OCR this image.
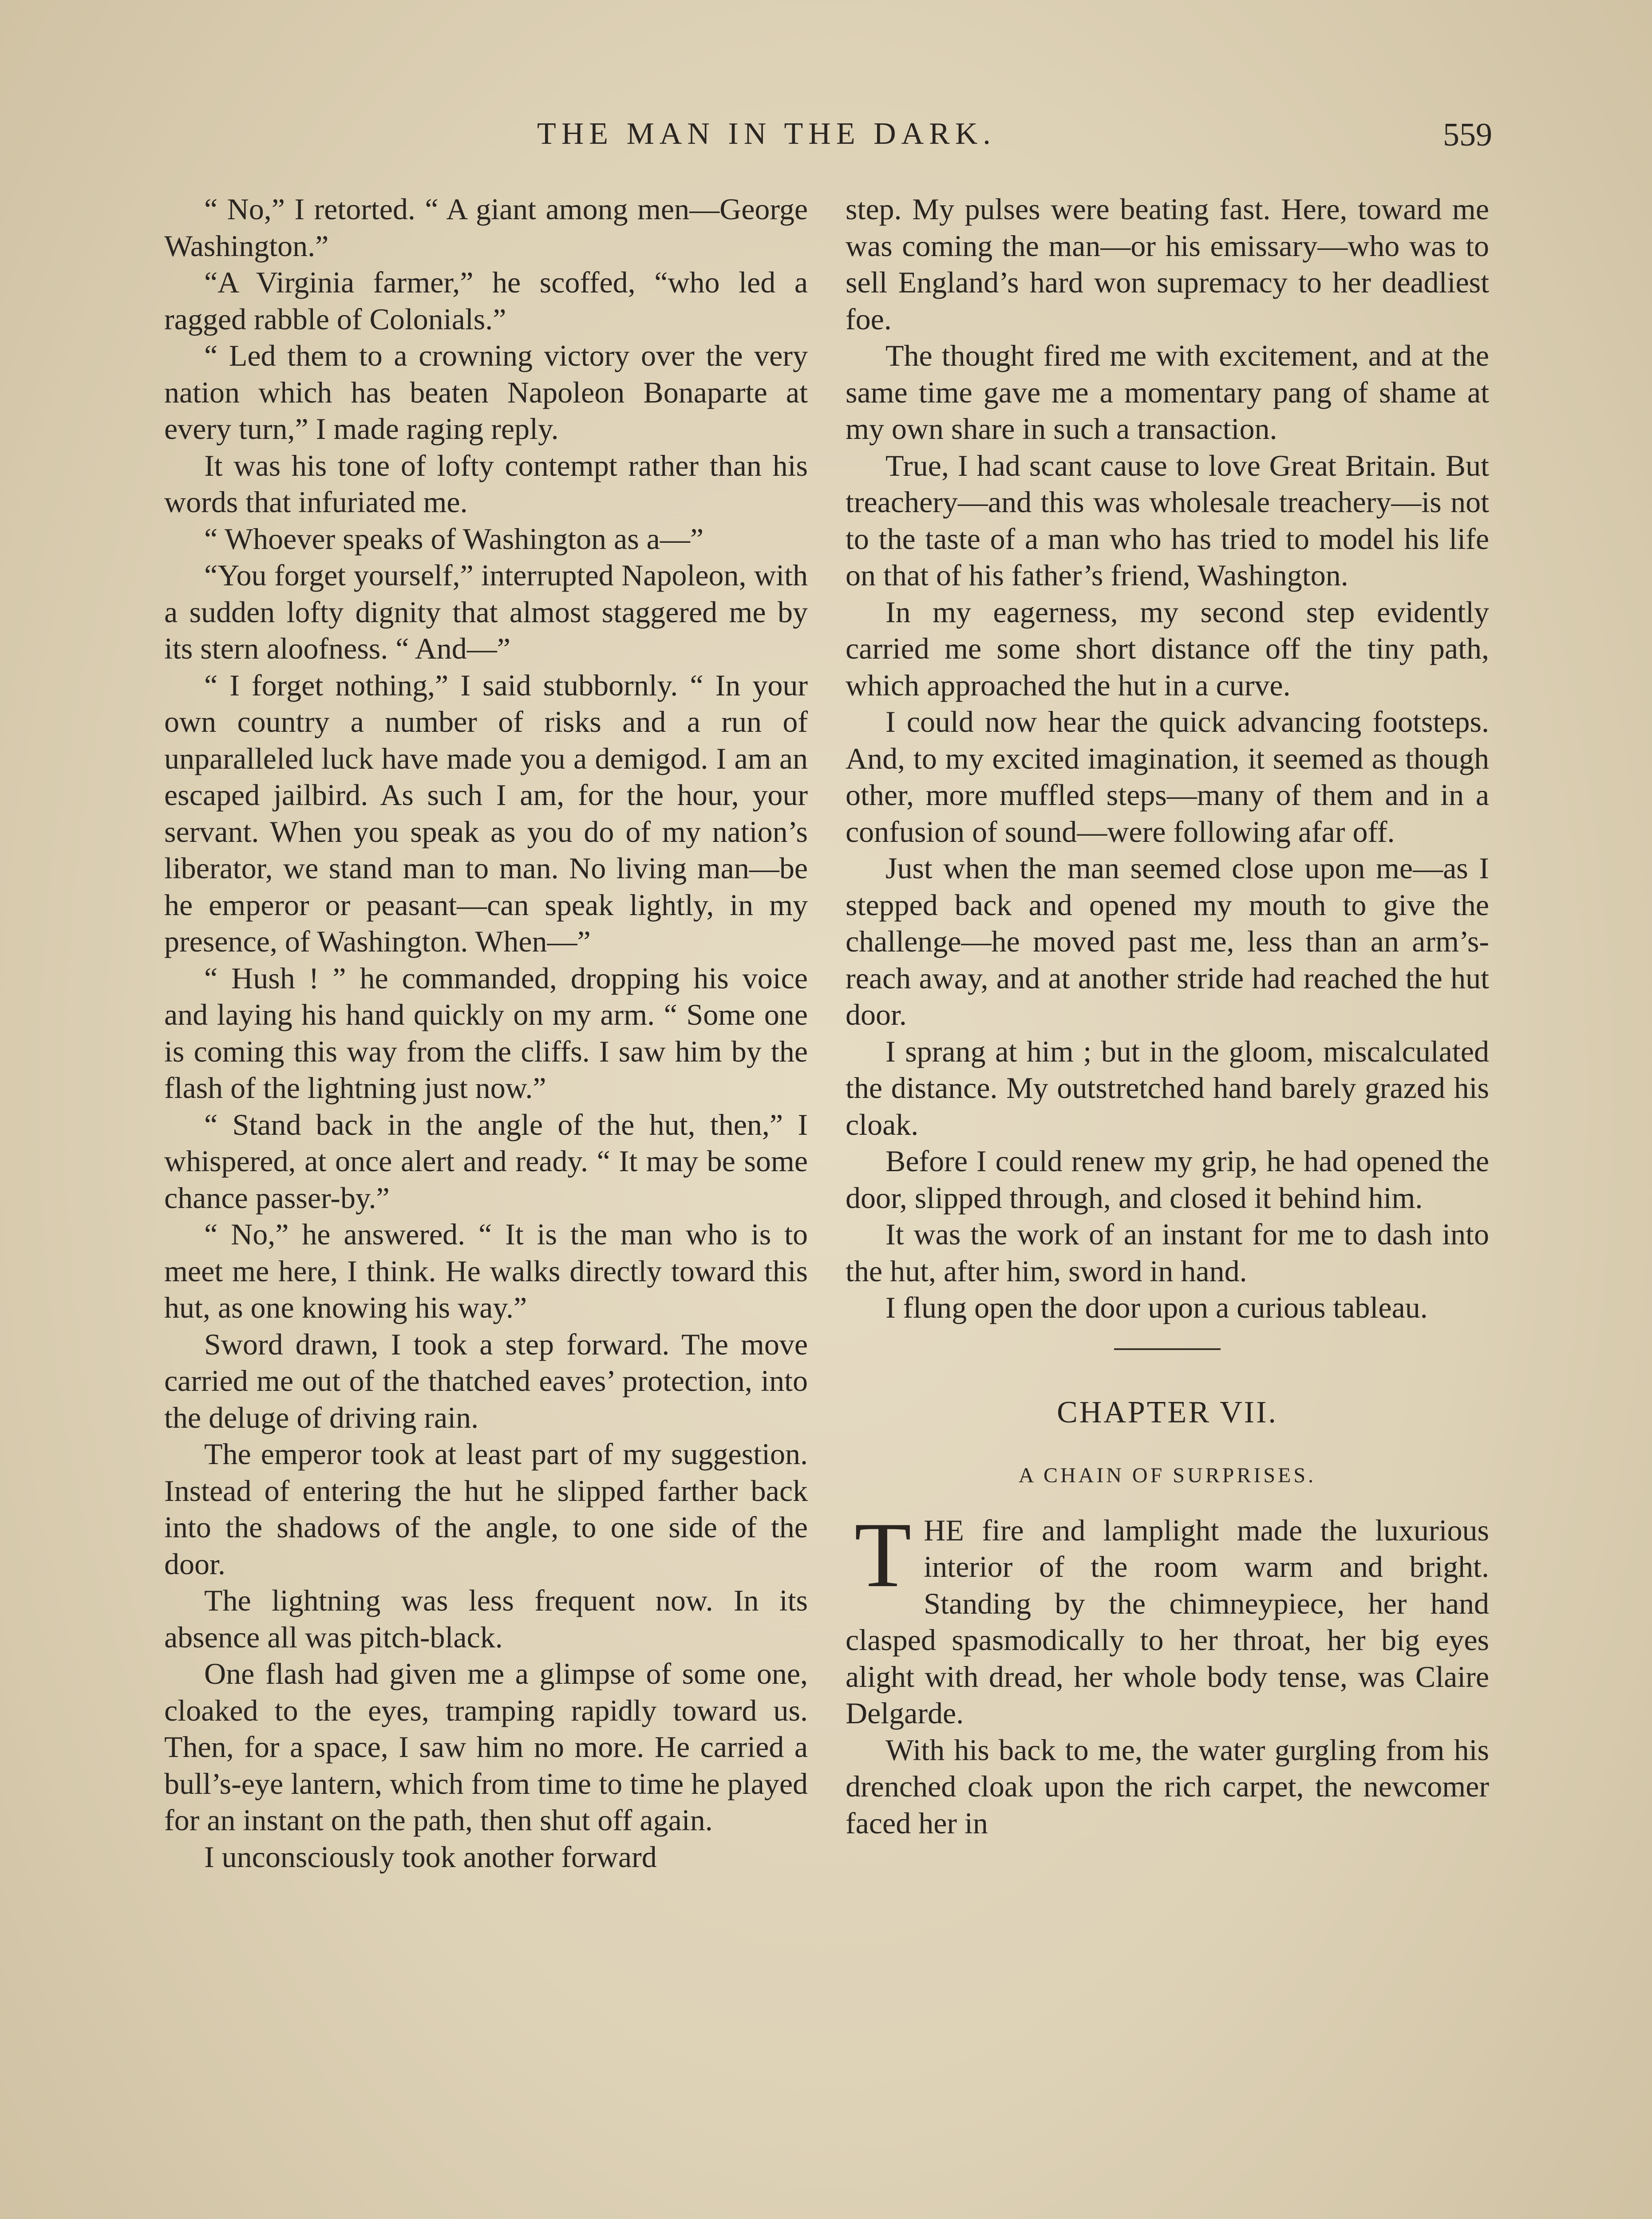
THE MAN IN THE DARK.	559

“ No,” I retorted. “ A giant among men—George Washington.”

“A Virginia farmer,” he scoffed, “who led a ragged rabble of Colonials.”

“ Led them to a crowning victory over the very nation which has beaten Napoleon Bonaparte at every turn,” I made raging reply.

It was his tone of lofty contempt rather than his words that infuriated me.

“ Whoever speaks of Washington as a—”

“You forget yourself,” interrupted Napoleon, with a sudden lofty dignity that almost staggered me by its stern aloofness. “ And—”

“ I forget nothing,” I said stubbornly. “ In your own country a number of risks and a run of unparalleled luck have made you a demigod. I am an escaped jailbird. As such I am, for the hour, your servant. When you speak as you do of my nation’s liberator, we stand man to man. No living man—be he emperor or peasant—can speak lightly, in my presence, of Washington. When—”

“ Hush ! ” he commanded, dropping his voice and laying his hand quickly on my arm. “ Some one is coming this way from the cliffs. I saw him by the flash of the lightning just now.”

“ Stand back in the angle of the hut, then,” I whispered, at once alert and ready. “ It may be some chance passer-by.”

“ No,” he answered. “ It is the man who is to meet me here, I think. He walks directly toward this hut, as one knowing his way.”

Sword drawn, I took a step forward. The move carried me out of the thatched eaves’ protection, into the deluge of driving rain.

The emperor took at least part of my suggestion. Instead of entering the hut he slipped farther back into the shadows of the angle, to one side of the door.

The lightning was less frequent now. In its absence all was pitch-black.

One flash had given me a glimpse of some one, cloaked to the eyes, tramping rapidly toward us. Then, for a space, I saw him no more. He carried a bull’s-eye lantern, which from time to time he played for an instant on the path, then shut off again.

I unconsciously took another forward

step. My pulses were beating fast. Here, toward me was coming the man—or his emissary—who was to sell England’s hard won supremacy to her deadliest foe.

The thought fired me with excitement, and at the same time gave me a momentary pang of shame at my own share in such a transaction.

True, I had scant cause to love Great Britain. But treachery—and this was wholesale treachery—is not to the taste of a man who has tried to model his life on that of his father’s friend, Washington.

In my eagerness, my second step evidently carried me some short distance off the tiny path, which approached the hut in a curve.

I could now hear the quick advancing footsteps. And, to my excited imagination, it seemed as though other, more muffled steps—many of them and in a confusion of sound—were following afar off.

Just when the man seemed close upon me—as I stepped back and opened my mouth to give the challenge—he moved past me, less than an arm’s-reach away, and at another stride had reached the hut door.

I sprang at him ; but in the gloom, miscalculated the distance. My outstretched hand barely grazed his cloak.

Before I could renew my grip, he had opened the door, slipped through, and closed it behind him.

It was the work of an instant for me to dash into the hut, after him, sword in hand.

I flung open the door upon a curious tableau.

CHAPTER VII.
A CHAIN OF SURPRISES.

THE fire and lamplight made the luxurious interior of the room warm and bright. Standing by the chimneypiece, her hand clasped spasmodically to her throat, her big eyes alight with dread, her whole body tense, was Claire Delgarde.

With his back to me, the water gurgling from his drenched cloak upon the rich carpet, the newcomer faced her in
